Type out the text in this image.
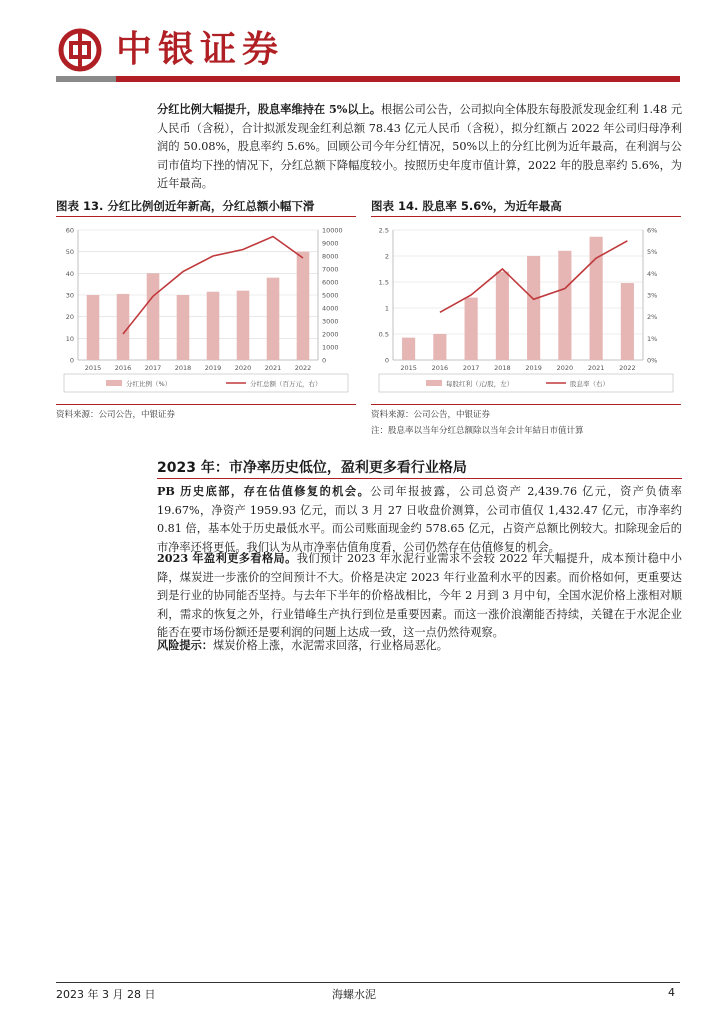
中银证券
分红比例大幅提升，股息率维持在 5%以上。根据公司公告，公司拟向全体股东每股派发现金红利 1.48 元人民币（含税），合计拟派发现金红利总额 78.43 亿元人民币（含税），拟分红额占 2022 年公司归母净利润的 50.08%，股息率约 5.6%。回顾公司今年分红情况，50%以上的分红比例为近年最高，在利润与公司市值均下挫的情况下，分红总额下降幅度较小。按照历史年度市值计算，2022 年的股息率约 5.6%，为近年最高。
图表 13. 分红比例创近年新高，分红总额小幅下滑
0
10
20
30
40
50
60
0
1000
2000
3000
4000
5000
6000
7000
8000
9000
10000
2015 2016 2017 2018 2019 2020 2021 2022
分红比例（%）	分红总额（百万元，右）
资料来源：公司公告，中银证券
图表 14. 股息率 5.6%，为近年最高
0
0.5
1
1.5
2
2.5
0%
1%
2%
3%
4%
5%
6%
2015 2016 2017 2018 2019 2020 2021 2022
每股红利（元/股，左）	股息率（右）
资料来源：公司公告，中银证券
注：股息率以当年分红总额除以当年会计年結日市值计算
2023 年：市净率历史低位，盈利更多看行业格局
PB 历史底部，存在估值修复的机会。公司年报披露，公司总资产 2,439.76 亿元，资产负债率 19.67%，净资产 1959.93 亿元，而以 3 月 27 日收盘价测算，公司市值仅 1,432.47 亿元，市净率约 0.81 倍，基本处于历史最低水平。而公司账面现金约 578.65 亿元，占资产总额比例较大。扣除现金后的市净率还将更低。我们认为从市净率估值角度看，公司仍然存在估值修复的机会。
2023 年盈利更多看格局。我们预计 2023 年水泥行业需求不会较 2022 年大幅提升，成本预计稳中小降，煤炭进一步涨价的空间预计不大。价格是决定 2023 年行业盈利水平的因素。而价格如何，更重要达到是行业的协同能否坚持。与去年下半年的价格战相比，今年 2 月到 3 月中旬，全国水泥价格上涨相对顺利，需求的恢复之外，行业错峰生产执行到位是重要因素。而这一涨价浪潮能否持续，关键在于水泥企业能否在要市场份额还是要利润的问题上达成一致，这一点仍然待观察。
风险提示：煤炭价格上涨，水泥需求回落，行业格局恶化。
2023 年 3 月 28 日	海螺水泥	4
